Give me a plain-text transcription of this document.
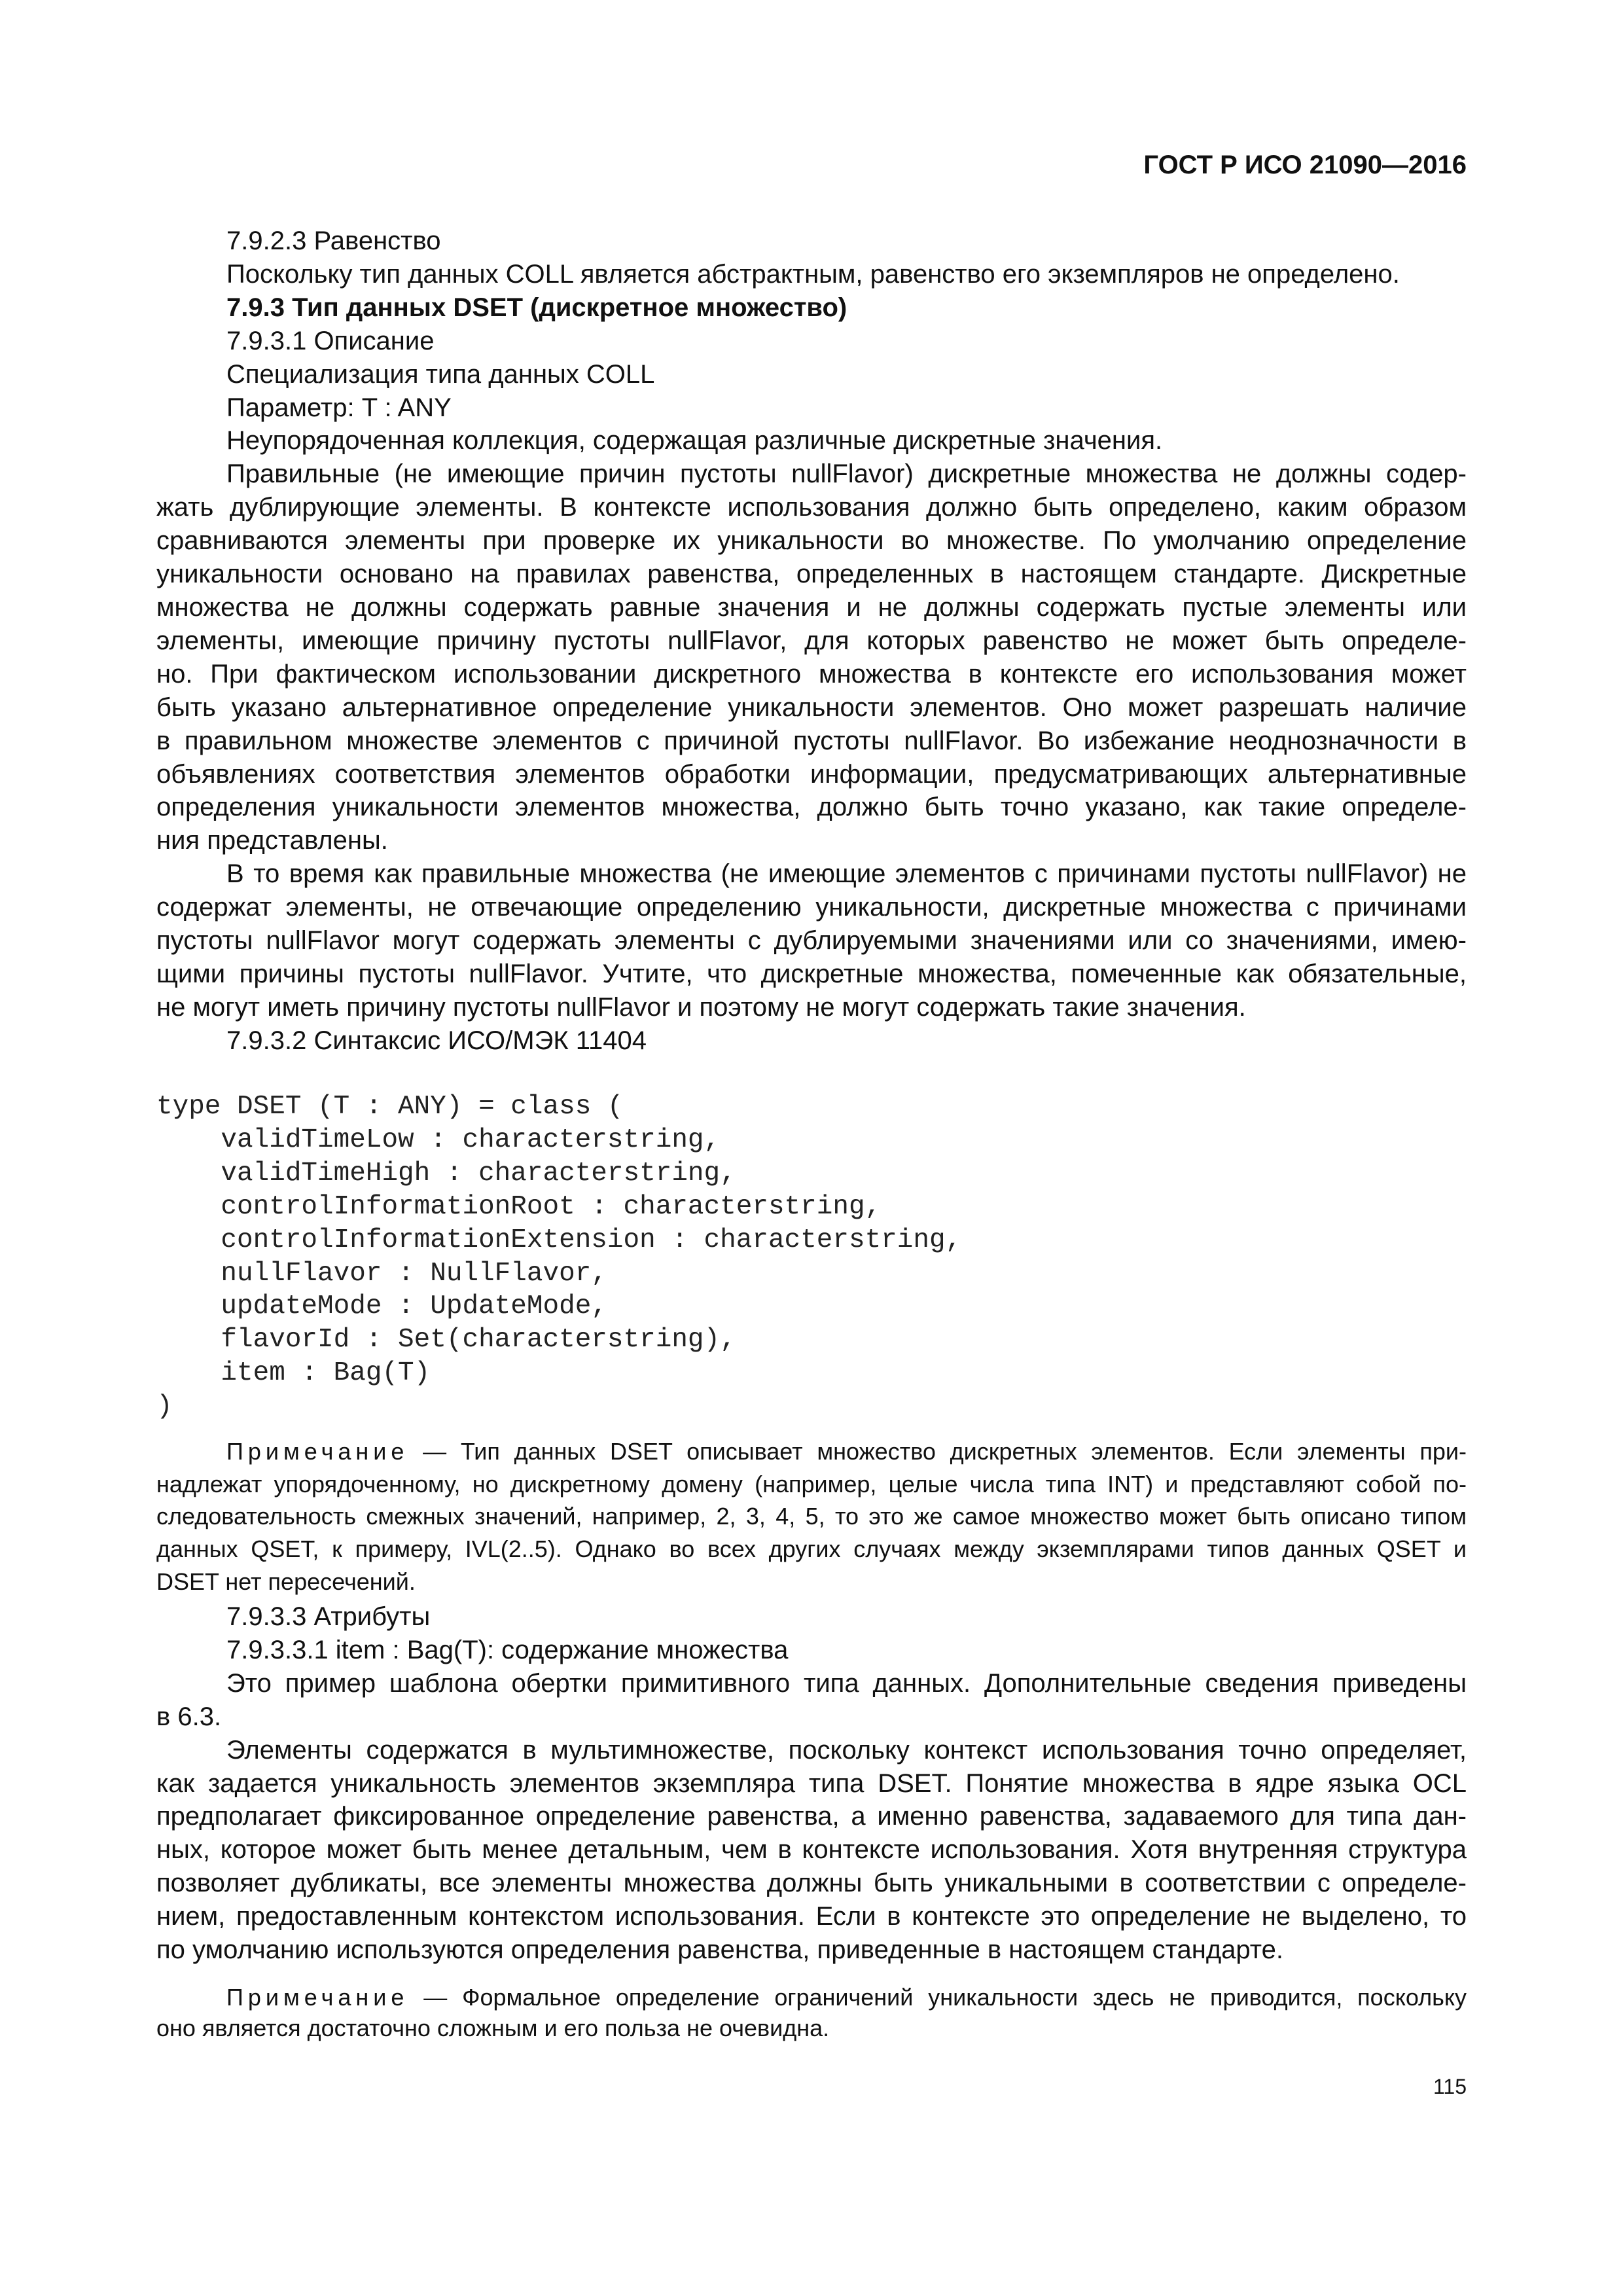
ГОСТ Р ИСО 21090—2016
7.9.2.3 Равенство
Поскольку тип данных COLL является абстрактным, равенство его экземпляров не определено.
7.9.3 Тип данных DSET (дискретное множество)
7.9.3.1 Описание
Специализация типа данных COLL
Параметр: T : ANY
Неупорядоченная коллекция, содержащая различные дискретные значения.
Правильные (не имеющие причин пустоты nullFlavor) дискретные множества не должны содер-
жать дублирующие элементы. В контексте использования должно быть определено, каким образом
сравниваются элементы при проверке их уникальности во множестве. По умолчанию определение
уникальности основано на правилах равенства, определенных в настоящем стандарте. Дискретные
множества не должны содержать равные значения и не должны содержать пустые элементы или
элементы, имеющие причину пустоты nullFlavor, для которых равенство не может быть определе-
но. При фактическом использовании дискретного множества в контексте его использования может
быть указано альтернативное определение уникальности элементов. Оно может разрешать наличие
в правильном множестве элементов с причиной пустоты nullFlavor. Во избежание неоднозначности в
объявлениях соответствия элементов обработки информации, предусматривающих альтернативные
определения уникальности элементов множества, должно быть точно указано, как такие определе-
ния представлены.
В то время как правильные множества (не имеющие элементов с причинами пустоты nullFlavor) не
содержат элементы, не отвечающие определению уникальности, дискретные множества с причинами
пустоты nullFlavor могут содержать элементы с дублируемыми значениями или со значениями, имею-
щими причины пустоты nullFlavor. Учтите, что дискретные множества, помеченные как обязательные,
не могут иметь причину пустоты nullFlavor и поэтому не могут содержать такие значения.
7.9.3.2 Синтаксис ИСО/МЭК 11404
type DSET (T : ANY) = class (
validTimeLow : characterstring,
validTimeHigh : characterstring,
controlInformationRoot : characterstring,
controlInformationExtension : characterstring,
nullFlavor : NullFlavor,
updateMode : UpdateMode,
flavorId : Set(characterstring),
item : Bag(T)
)
Примечание — Тип данных DSET описывает множество дискретных элементов. Если элементы при-
надлежат упорядоченному, но дискретному домену (например, целые числа типа INT) и представляют собой по-
следовательность смежных значений, например, 2, 3, 4, 5, то это же самое множество может быть описано типом
данных QSET, к примеру, IVL(2..5). Однако во всех других случаях между экземплярами типов данных QSET и
DSET нет пересечений.
7.9.3.3 Атрибуты
7.9.3.3.1 item : Bag(T): содержание множества
Это пример шаблона обертки примитивного типа данных. Дополнительные сведения приведены
в 6.3.
Элементы содержатся в мультимножестве, поскольку контекст использования точно определяет,
как задается уникальность элементов экземпляра типа DSET. Понятие множества в ядре языка OCL
предполагает фиксированное определение равенства, а именно равенства, задаваемого для типа дан-
ных, которое может быть менее детальным, чем в контексте использования. Хотя внутренняя структура
позволяет дубликаты, все элементы множества должны быть уникальными в соответствии с определе-
нием, предоставленным контекстом использования. Если в контексте это определение не выделено, то
по умолчанию используются определения равенства, приведенные в настоящем стандарте.
Примечание — Формальное определение ограничений уникальности здесь не приводится, поскольку
оно является достаточно сложным и его польза не очевидна.
115
